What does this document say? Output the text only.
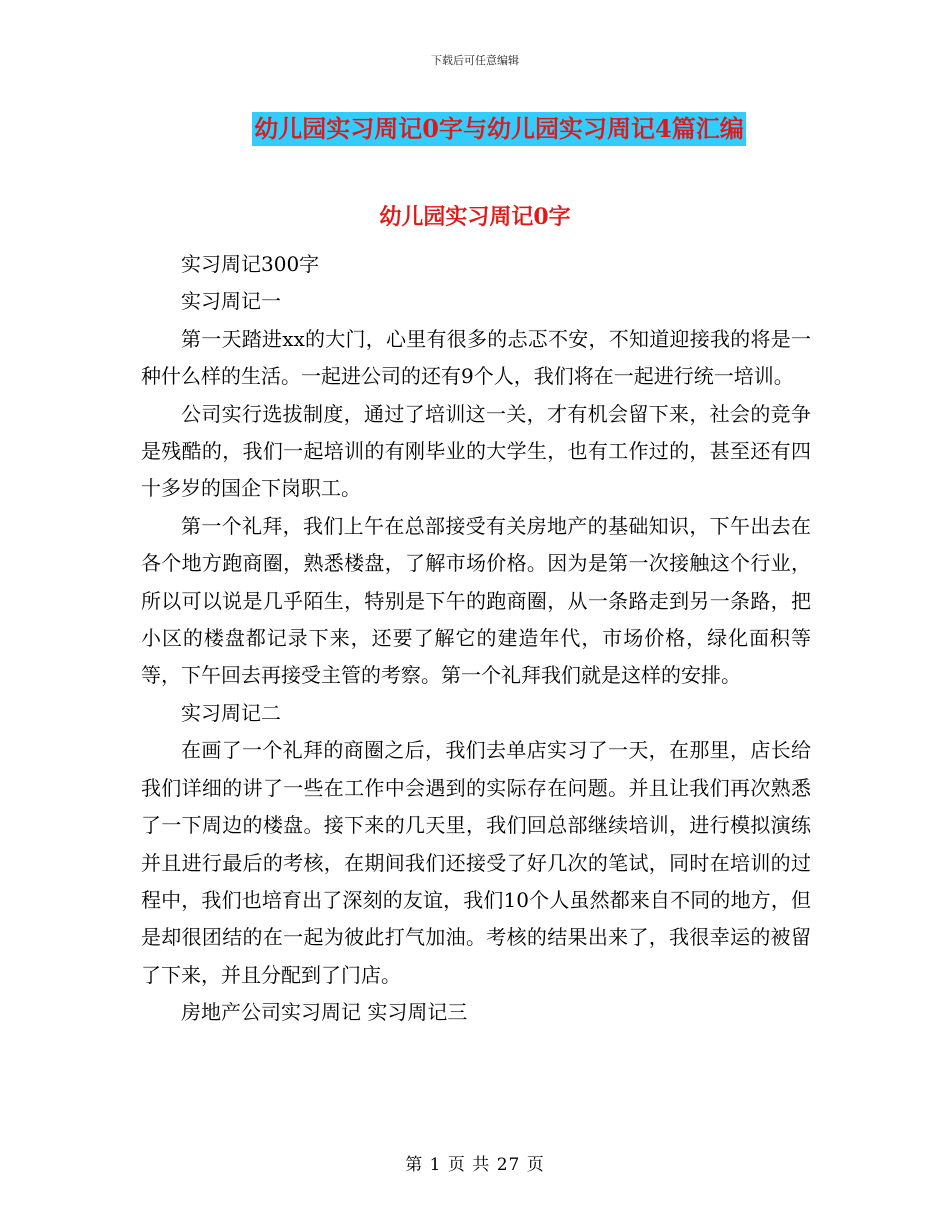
下载后可任意编辑
幼儿园实习周记0字与幼儿园实习周记4篇汇编
幼儿园实习周记0字

实习周记300字

实习周记一

第一天踏进xx的大门，心里有很多的忐忑不安，不知道迎接我的将是一种什么样的生活。一起进公司的还有9个人，我们将在一起进行统一培训。

公司实行选拔制度，通过了培训这一关，才有机会留下来，社会的竞争是残酷的，我们一起培训的有刚毕业的大学生，也有工作过的，甚至还有四十多岁的国企下岗职工。

第一个礼拜，我们上午在总部接受有关房地产的基础知识，下午出去在各个地方跑商圈，熟悉楼盘，了解市场价格。因为是第一次接触这个行业，所以可以说是几乎陌生，特别是下午的跑商圈，从一条路走到另一条路，把小区的楼盘都记录下来，还要了解它的建造年代，市场价格，绿化面积等等，下午回去再接受主管的考察。第一个礼拜我们就是这样的安排。

实习周记二

在画了一个礼拜的商圈之后，我们去单店实习了一天，在那里，店长给我们详细的讲了一些在工作中会遇到的实际存在问题。并且让我们再次熟悉了一下周边的楼盘。接下来的几天里，我们回总部继续培训，进行模拟演练并且进行最后的考核，在期间我们还接受了好几次的笔试，同时在培训的过程中，我们也培育出了深刻的友谊，我们10个人虽然都来自不同的地方，但是却很团结的在一起为彼此打气加油。考核的结果出来了，我很幸运的被留了下来，并且分配到了门店。

房地产公司实习周记 实习周记三

第 1 页 共 27 页
